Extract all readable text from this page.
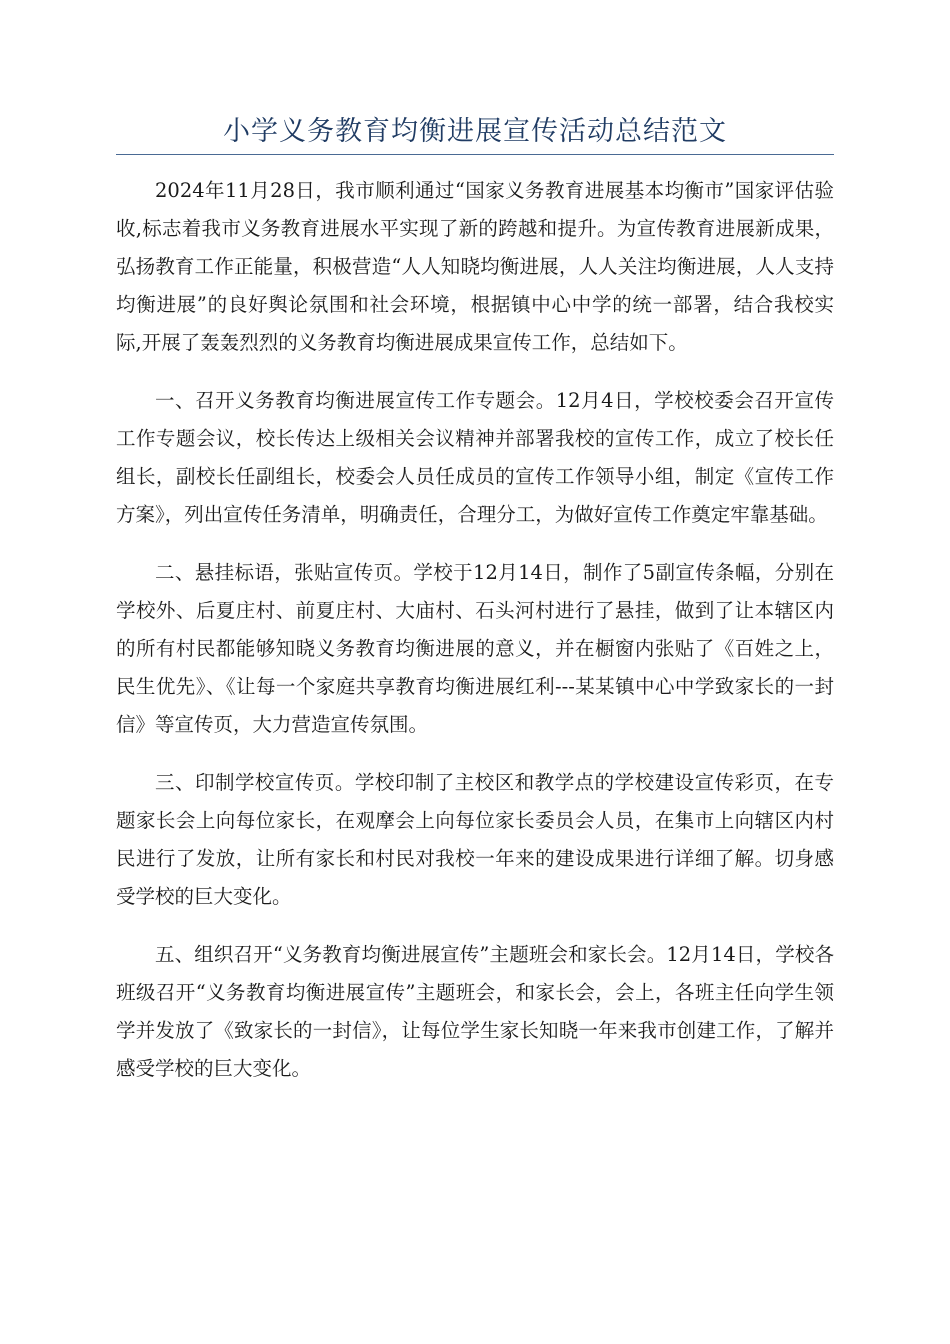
小学义务教育均衡进展宣传活动总结范文

2024年11月28日，我市顺利通过“国家义务教育进展基本均衡市”国家评估验收,标志着我市义务教育进展水平实现了新的跨越和提升。为宣传教育进展新成果，弘扬教育工作正能量，积极营造“人人知晓均衡进展，人人关注均衡进展，人人支持均衡进展”的良好舆论氛围和社会环境，根据镇中心中学的统一部署，结合我校实际,开展了轰轰烈烈的义务教育均衡进展成果宣传工作，总结如下。

一、召开义务教育均衡进展宣传工作专题会。12月4日，学校校委会召开宣传工作专题会议，校长传达上级相关会议精神并部署我校的宣传工作，成立了校长任组长，副校长任副组长，校委会人员任成员的宣传工作领导小组，制定《宣传工作方案》，列出宣传任务清单，明确责任，合理分工，为做好宣传工作奠定牢靠基础。

二、悬挂标语，张贴宣传页。学校于12月14日，制作了5副宣传条幅，分别在学校外、后夏庄村、前夏庄村、大庙村、石头河村进行了悬挂，做到了让本辖区内的所有村民都能够知晓义务教育均衡进展的意义，并在橱窗内张贴了《百姓之上，民生优先》、《让每一个家庭共享教育均衡进展红利---某某镇中心中学致家长的一封信》等宣传页，大力营造宣传氛围。

三、印制学校宣传页。学校印制了主校区和教学点的学校建设宣传彩页，在专题家长会上向每位家长，在观摩会上向每位家长委员会人员，在集市上向辖区内村民进行了发放，让所有家长和村民对我校一年来的建设成果进行详细了解。切身感受学校的巨大变化。

五、组织召开“义务教育均衡进展宣传”主题班会和家长会。12月14日，学校各班级召开“义务教育均衡进展宣传”主题班会，和家长会，会上，各班主任向学生领学并发放了《致家长的一封信》，让每位学生家长知晓一年来我市创建工作，了解并感受学校的巨大变化。
